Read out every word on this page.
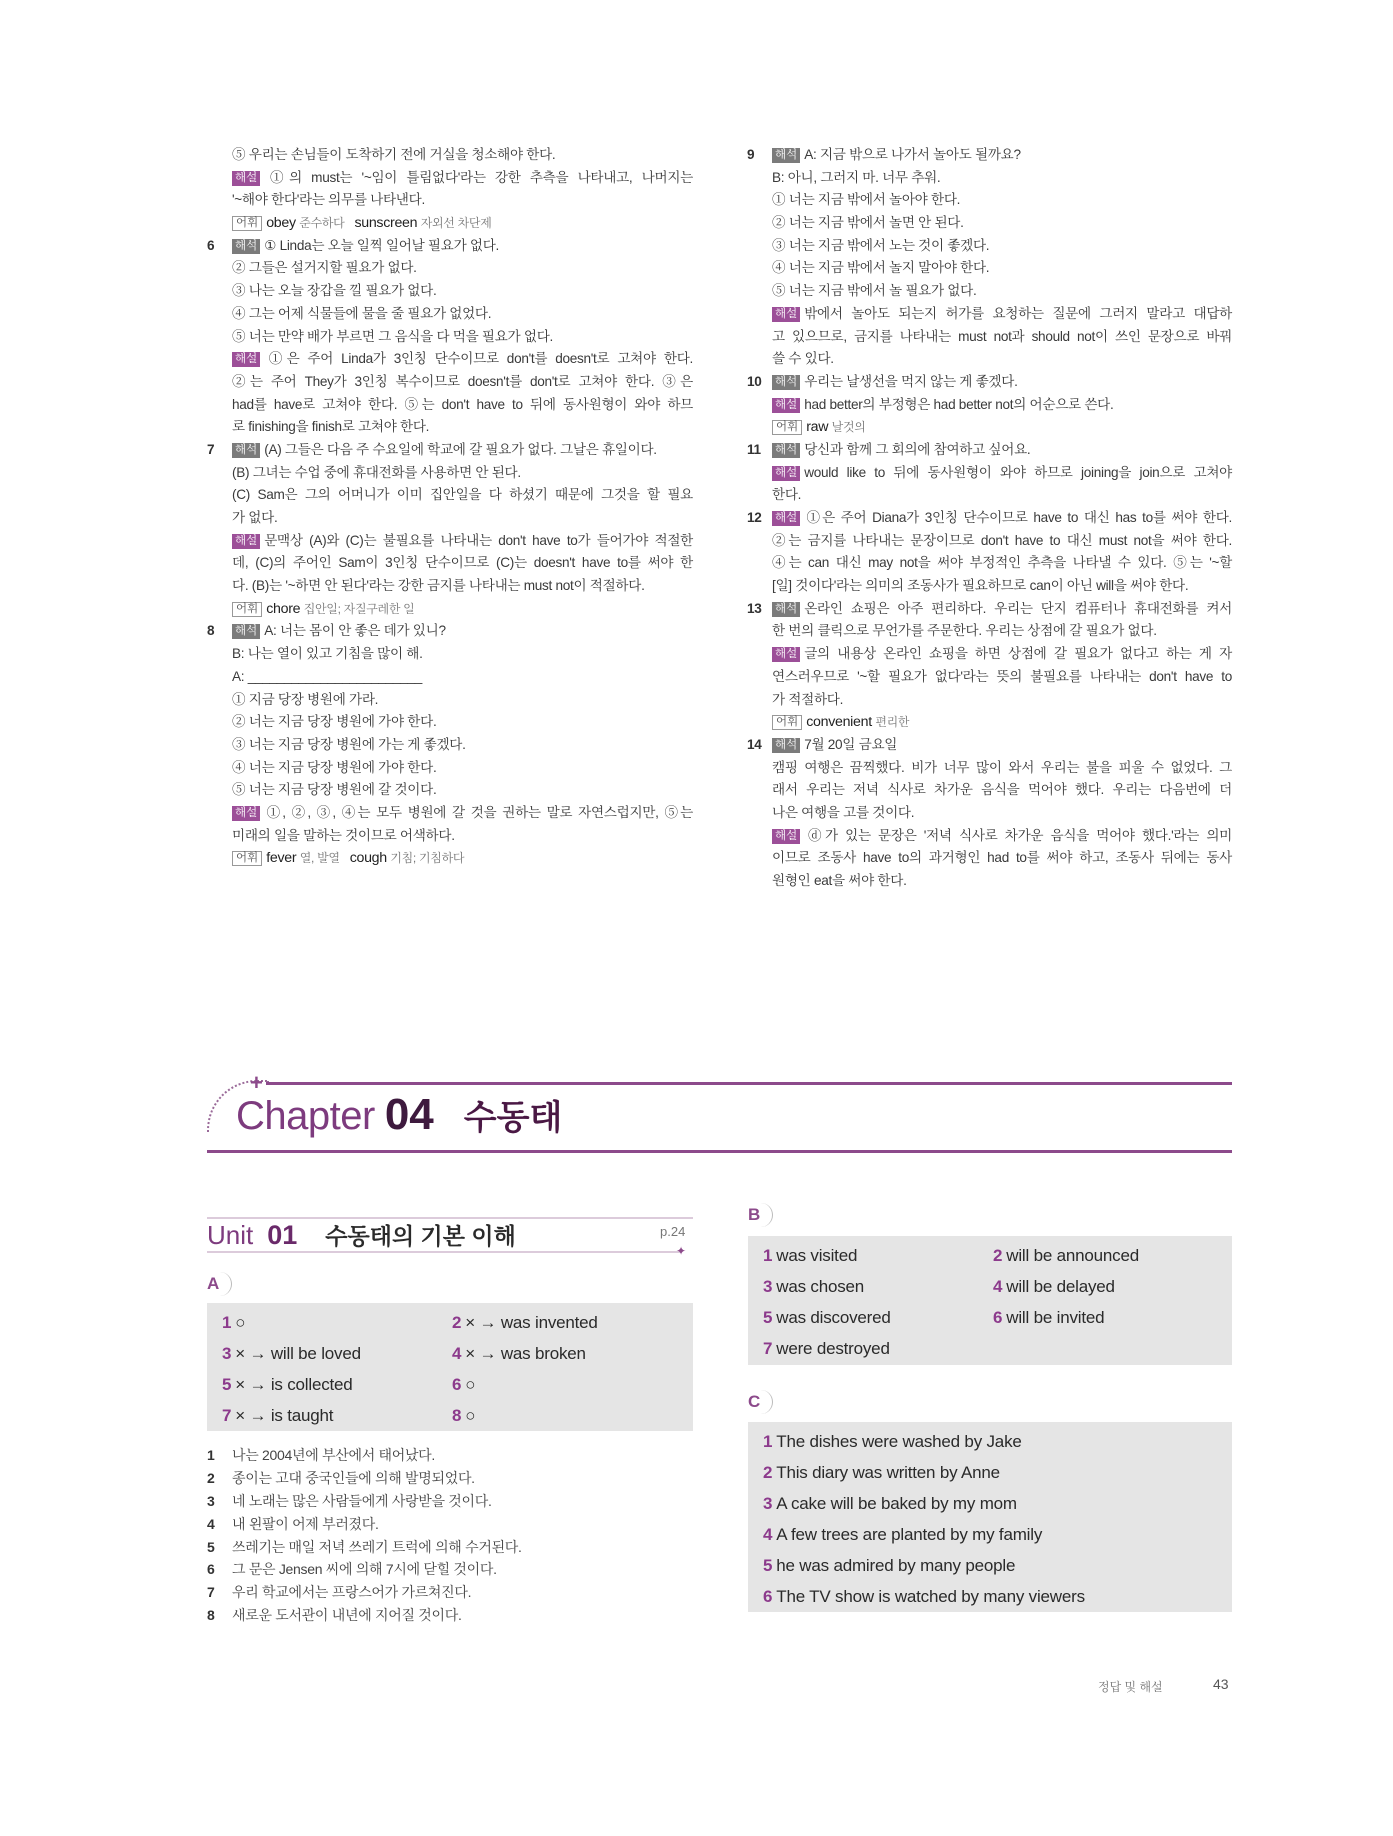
⑤ 우리는 손님들이 도착하기 전에 거실을 청소해야 한다.
해설 ①의 must는 '~임이 틀림없다'라는 강한 추측을 나타내고, 나머지는
'~해야 한다'라는 의무를 나타낸다.
어휘 obey 준수하다 sunscreen 자외선 차단제
6 해석 ① Linda는 오늘 일찍 일어날 필요가 없다.
② 그들은 설거지할 필요가 없다.
③ 나는 오늘 장갑을 낄 필요가 없다.
④ 그는 어제 식물들에 물을 줄 필요가 없었다.
⑤ 너는 만약 배가 부르면 그 음식을 다 먹을 필요가 없다.
해설 ①은 주어 Linda가 3인칭 단수이므로 don't를 doesn't로 고쳐야 한다.
②는 주어 They가 3인칭 복수이므로 doesn't를 don't로 고쳐야 한다. ③은
had를 have로 고쳐야 한다. ⑤는 don't have to 뒤에 동사원형이 와야 하므
로 finishing을 finish로 고쳐야 한다.
7 해석 (A) 그들은 다음 주 수요일에 학교에 갈 필요가 없다. 그날은 휴일이다.
(B) 그녀는 수업 중에 휴대전화를 사용하면 안 된다.
(C) Sam은 그의 어머니가 이미 집안일을 다 하셨기 때문에 그것을 할 필요
가 없다.
해설 문맥상 (A)와 (C)는 불필요를 나타내는 don't have to가 들어가야 적절한
데, (C)의 주어인 Sam이 3인칭 단수이므로 (C)는 doesn't have to를 써야 한
다. (B)는 '~하면 안 된다'라는 강한 금지를 나타내는 must not이 적절하다.
어휘 chore 집안일; 자질구레한 일
8 해석 A: 너는 몸이 안 좋은 데가 있니?
B: 나는 열이 있고 기침을 많이 해.
A: ________________________
① 지금 당장 병원에 가라.
② 너는 지금 당장 병원에 가야 한다.
③ 너는 지금 당장 병원에 가는 게 좋겠다.
④ 너는 지금 당장 병원에 가야 한다.
⑤ 너는 지금 당장 병원에 갈 것이다.
해설 ①, ②, ③, ④는 모두 병원에 갈 것을 권하는 말로 자연스럽지만, ⑤는
미래의 일을 말하는 것이므로 어색하다.
어휘 fever 열, 발열 cough 기침; 기침하다
9 해석 A: 지금 밖으로 나가서 놀아도 될까요?
B: 아니, 그러지 마. 너무 추워.
① 너는 지금 밖에서 놀아야 한다.
② 너는 지금 밖에서 놀면 안 된다.
③ 너는 지금 밖에서 노는 것이 좋겠다.
④ 너는 지금 밖에서 놀지 말아야 한다.
⑤ 너는 지금 밖에서 놀 필요가 없다.
해설 밖에서 놀아도 되는지 허가를 요청하는 질문에 그러지 말라고 대답하
고 있으므로, 금지를 나타내는 must not과 should not이 쓰인 문장으로 바꿔
쓸 수 있다.
10 해석 우리는 날생선을 먹지 않는 게 좋겠다.
해설 had better의 부정형은 had better not의 어순으로 쓴다.
어휘 raw 날것의
11 해석 당신과 함께 그 회의에 참여하고 싶어요.
해설 would like to 뒤에 동사원형이 와야 하므로 joining을 join으로 고쳐야
한다.
12 해설 ①은 주어 Diana가 3인칭 단수이므로 have to 대신 has to를 써야 한다.
②는 금지를 나타내는 문장이므로 don't have to 대신 must not을 써야 한다.
④는 can 대신 may not을 써야 부정적인 추측을 나타낼 수 있다. ⑤는 '~할
[일] 것이다'라는 의미의 조동사가 필요하므로 can이 아닌 will을 써야 한다.
13 해석 온라인 쇼핑은 아주 편리하다. 우리는 단지 컴퓨터나 휴대전화를 켜서
한 번의 클릭으로 무언가를 주문한다. 우리는 상점에 갈 필요가 없다.
해설 글의 내용상 온라인 쇼핑을 하면 상점에 갈 필요가 없다고 하는 게 자
연스러우므로 '~할 필요가 없다'라는 뜻의 불필요를 나타내는 don't have to
가 적절하다.
어휘 convenient 편리한
14 해석 7월 20일 금요일
캠핑 여행은 끔찍했다. 비가 너무 많이 와서 우리는 불을 피울 수 없었다. 그
래서 우리는 저녁 식사로 차가운 음식을 먹어야 했다. 우리는 다음번에 더
나은 여행을 고를 것이다.
해설 ⓓ가 있는 문장은 '저녁 식사로 차가운 음식을 먹어야 했다.'라는 의미
이므로 조동사 have to의 과거형인 had to를 써야 하고, 조동사 뒤에는 동사
원형인 eat을 써야 한다.
+
Chapter 04 수동태
Unit 01 수동태의 기본 이해	p.24
✦
A
B
C
1 ○	2 × → was invented
3 × → will be loved	4 × → was broken
5 × → is collected	6 ○
7 × → is taught	8 ○
1 was visited	2 will be announced
3 was chosen	4 will be delayed
5 was discovered	6 will be invited
7 were destroyed
1 The dishes were washed by Jake
2 This diary was written by Anne
3 A cake will be baked by my mom
4 A few trees are planted by my family
5 he was admired by many people
6 The TV show is watched by many viewers
1 나는 2004년에 부산에서 태어났다.
2 종이는 고대 중국인들에 의해 발명되었다.
3 네 노래는 많은 사람들에게 사랑받을 것이다.
4 내 왼팔이 어제 부러졌다.
5 쓰레기는 매일 저녁 쓰레기 트럭에 의해 수거된다.
6 그 문은 Jensen 씨에 의해 7시에 닫힐 것이다.
7 우리 학교에서는 프랑스어가 가르쳐진다.
8 새로운 도서관이 내년에 지어질 것이다.
정답 및 해설	43
